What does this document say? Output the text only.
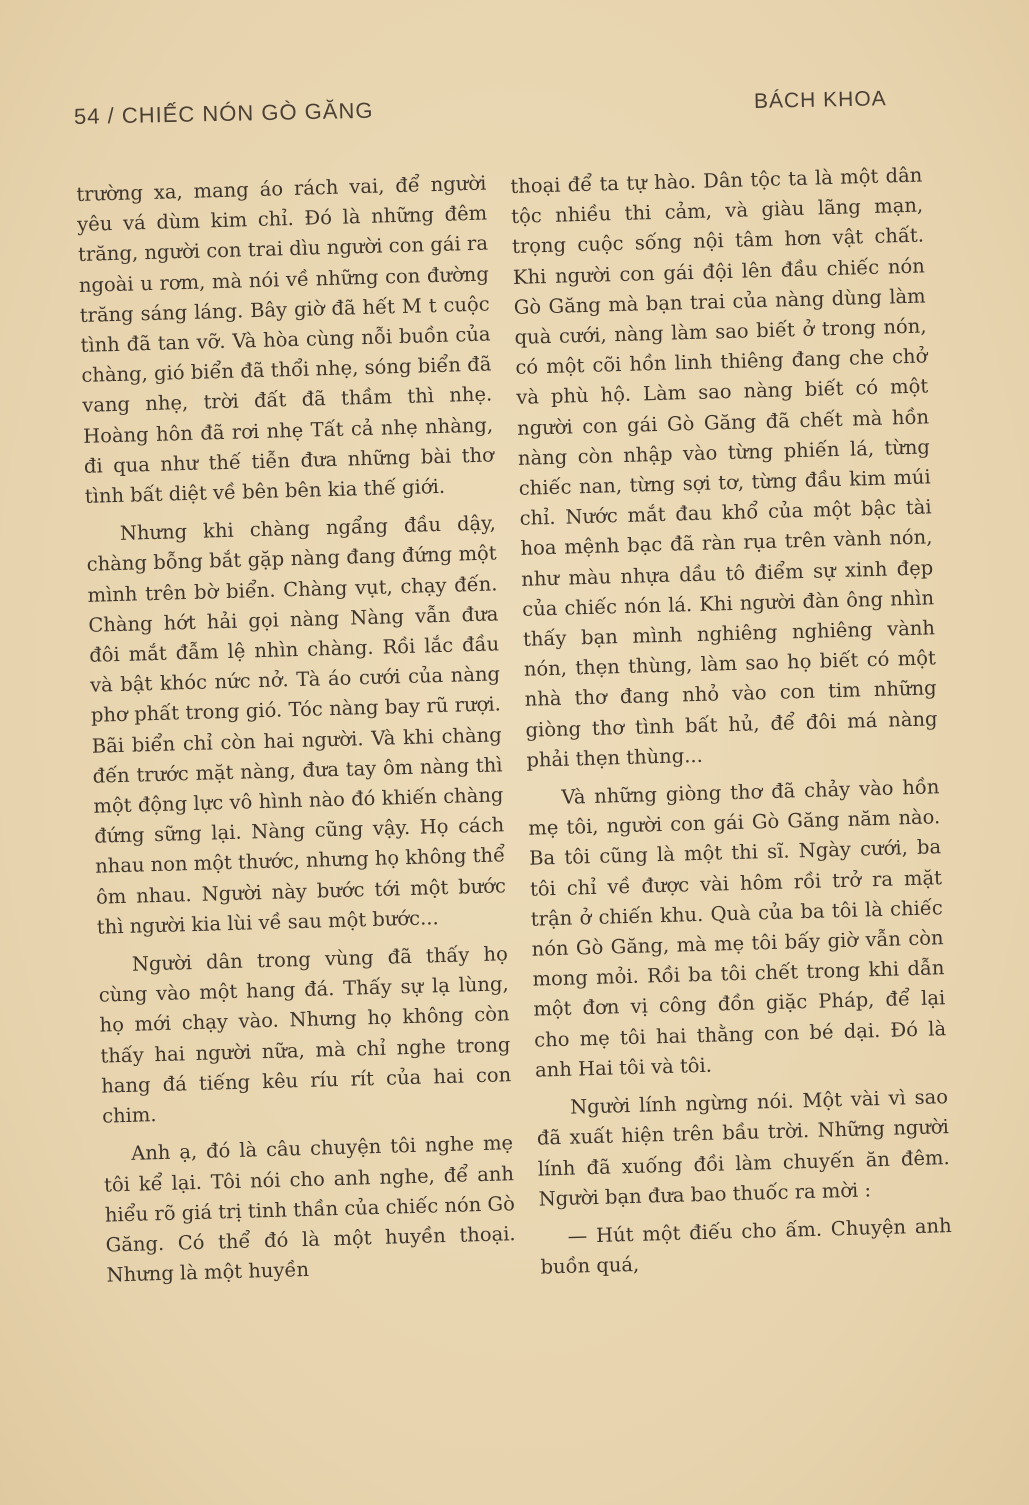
54 / CHIẾC NÓN GÒ GĂNG	BÁCH KHOA

trường xa, mang áo rách vai, để người yêu vá dùm kim chỉ. Đó là những đêm trăng, người con trai dìu người con gái ra ngoài u rơm, mà nói về những con đường trăng sáng láng. Bây giờ đã hết M t cuộc tình đã tan vỡ. Và hòa cùng nỗi buồn của chàng, gió biển đã thổi nhẹ, sóng biển đã vang nhẹ, trời đất đã thầm thì nhẹ. Hoàng hôn đã rơi nhẹ Tất cả nhẹ nhàng, đi qua như thế tiễn đưa những bài thơ tình bất diệt về bên bên kia thế giới.

Nhưng khi chàng ngẩng đầu dậy, chàng bỗng bắt gặp nàng đang đứng một mình trên bờ biển. Chàng vụt, chạy đến. Chàng hớt hải gọi nàng Nàng vẫn đưa đôi mắt đẫm lệ nhìn chàng. Rồi lắc đầu và bật khóc nức nở. Tà áo cưới của nàng phơ phất trong gió. Tóc nàng bay rũ rượi. Bãi biển chỉ còn hai người. Và khi chàng đến trước mặt nàng, đưa tay ôm nàng thì một động lực vô hình nào đó khiến chàng đứng sững lại. Nàng cũng vậy. Họ cách nhau non một thước, nhưng họ không thể ôm nhau. Người này bước tới một bước thì người kia lùi về sau một bước...

Người dân trong vùng đã thấy họ cùng vào một hang đá. Thấy sự lạ lùng, họ mới chạy vào. Nhưng họ không còn thấy hai người nữa, mà chỉ nghe trong hang đá tiếng kêu ríu rít của hai con chim.

Anh ạ, đó là câu chuyện tôi nghe mẹ tôi kể lại. Tôi nói cho anh nghe, để anh hiểu rõ giá trị tinh thần của chiếc nón Gò Găng. Có thể đó là một huyền thoại. Nhưng là một huyền

thoại để ta tự hào. Dân tộc ta là một dân tộc nhiều thi cảm, và giàu lãng mạn, trọng cuộc sống nội tâm hơn vật chất. Khi người con gái đội lên đầu chiếc nón Gò Găng mà bạn trai của nàng dùng làm quà cưới, nàng làm sao biết ở trong nón, có một cõi hồn linh thiêng đang che chở và phù hộ. Làm sao nàng biết có một người con gái Gò Găng đã chết mà hồn nàng còn nhập vào từng phiến lá, từng chiếc nan, từng sợi tơ, từng đầu kim múi chỉ. Nước mắt đau khổ của một bậc tài hoa mệnh bạc đã ràn rụa trên vành nón, như màu nhựa dầu tô điểm sự xinh đẹp của chiếc nón lá. Khi người đàn ông nhìn thấy bạn mình nghiêng nghiêng vành nón, thẹn thùng, làm sao họ biết có một nhà thơ đang nhỏ vào con tim những giòng thơ tình bất hủ, để đôi má nàng phải thẹn thùng...

Và những giòng thơ đã chảy vào hồn mẹ tôi, người con gái Gò Găng năm nào. Ba tôi cũng là một thi sĩ. Ngày cưới, ba tôi chỉ về được vài hôm rồi trở ra mặt trận ở chiến khu. Quà của ba tôi là chiếc nón Gò Găng, mà mẹ tôi bấy giờ vẫn còn mong mỏi. Rồi ba tôi chết trong khi dẫn một đơn vị công đồn giặc Pháp, để lại cho mẹ tôi hai thằng con bé dại. Đó là anh Hai tôi và tôi.

Người lính ngừng nói. Một vài vì sao đã xuất hiện trên bầu trời. Những người lính đã xuống đồi làm chuyến ăn đêm. Người bạn đưa bao thuốc ra mời :

— Hút một điếu cho ấm. Chuyện anh buồn quá,
